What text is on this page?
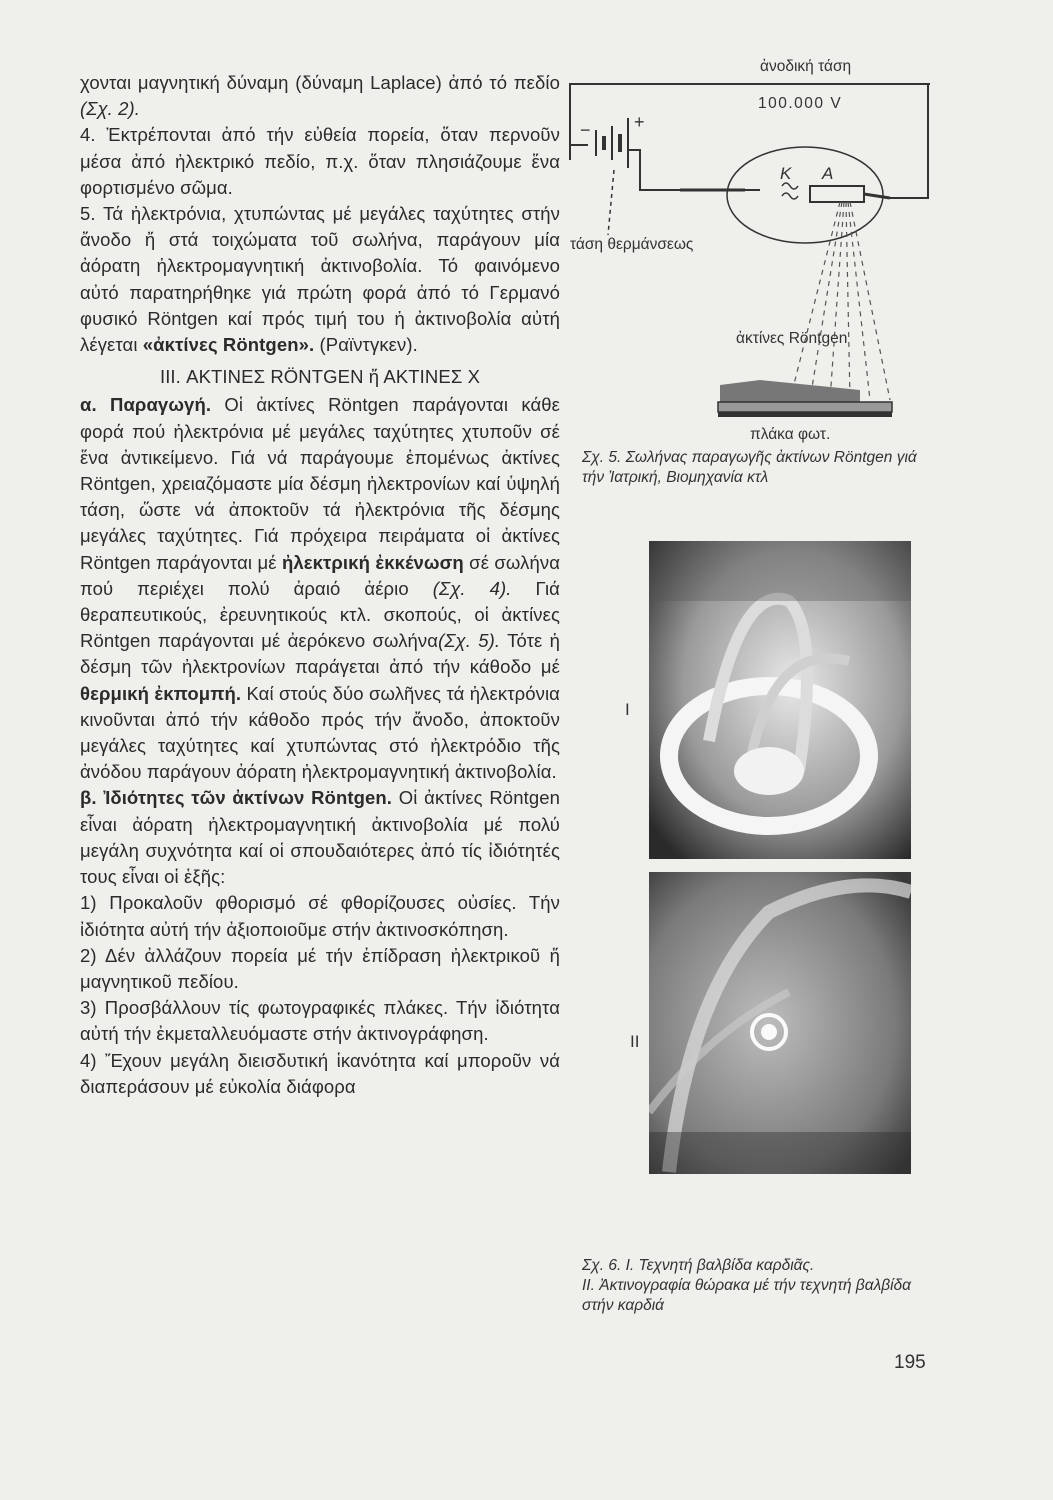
χονται μαγνητική δύναμη (δύναμη Laplace) ἀπό τό πεδίο (Σχ. 2).

4. Ἐκτρέπονται ἀπό τήν εὐθεία πορεία, ὅταν περνοῦν μέσα ἀπό ἠλεκτρικό πεδίο, π.χ. ὅταν πλησιάζουμε ἕνα φορτισμένο σῶμα.

5. Τά ἠλεκτρόνια, χτυπώντας μέ μεγάλες ταχύτητες στήν ἄνοδο ἤ στά τοιχώματα τοῦ σωλήνα, παράγουν μία ἀόρατη ἠλεκτρομαγνητική ἀκτινοβολία. Τό φαινόμενο αὐτό παρατηρήθηκε γιά πρώτη φορά ἀπό τό Γερμανό φυσικό Röntgen καί πρός τιμή του ἡ ἀκτινοβολία αὐτή λέγεται «ἀκτίνες Röntgen». (Ραϊντγκεν).

III. ΑΚΤΙΝΕΣ RÖNTGEN ἤ ΑΚΤΙΝΕΣ Χ

α. Παραγωγή. Οἱ ἀκτίνες Röntgen παράγονται κάθε φορά πού ἠλεκτρόνια μέ μεγάλες ταχύτητες χτυποῦν σέ ἕνα ἀντικείμενο. Γιά νά παράγουμε ἑπομένως ἀκτίνες Röntgen, χρειαζόμαστε μία δέσμη ἠλεκτρονίων καί ὑψηλή τάση, ὥστε νά ἀποκτοῦν τά ἠλεκτρόνια τῆς δέσμης μεγάλες ταχύτητες. Γιά πρόχειρα πειράματα οἱ ἀκτίνες Röntgen παράγονται μέ ἠλεκτρική ἐκκένωση σέ σωλήνα πού περιέχει πολύ ἀραιό ἀέριο (Σχ. 4). Γιά θεραπευτικούς, ἐρευνητικούς κτλ. σκοπούς, οἱ ἀκτίνες Röntgen παράγονται μέ ἀερόκενο σωλήνα(Σχ. 5). Τότε ἡ δέσμη τῶν ἠλεκτρονίων παράγεται ἀπό τήν κάθοδο μέ θερμική ἐκπομπή. Καί στούς δύο σωλῆνες τά ἠλεκτρόνια κινοῦνται ἀπό τήν κάθοδο πρός τήν ἄνοδο, ἀποκτοῦν μεγάλες ταχύτητες καί χτυπώντας στό ἠλεκτρόδιο τῆς ἀνόδου παράγουν ἀόρατη ἠλεκτρομαγνητική ἀκτινοβολία.

β. Ἰδιότητες τῶν ἀκτίνων Röntgen. Οἱ ἀκτίνες Röntgen εἶναι ἀόρατη ἠλεκτρομαγνητική ἀκτινοβολία μέ πολύ μεγάλη συχνότητα καί οἱ σπουδαιότερες ἀπό τίς ἰδιότητές τους εἶναι οἱ ἑξῆς:

1) Προκαλοῦν φθορισμό σέ φθορίζουσες οὐσίες. Τήν ἰδιότητα αὐτή τήν ἀξιοποιοῦμε στήν ἀκτινοσκόπηση.

2) Δέν ἀλλάζουν πορεία μέ τήν ἐπίδραση ἠλεκτρικοῦ ἤ μαγνητικοῦ πεδίου.

3) Προσβάλλουν τίς φωτογραφικές πλάκες. Τήν ἰδιότητα αὐτή τήν ἐκμεταλλευόμαστε στήν ἀκτινογράφηση.

4) Ἔχουν μεγάλη διεισδυτική ἱκανότητα καί μποροῦν νά διαπεράσουν μέ εὐκολία διάφορα

ἀνοδική τάση
100.000 V
− +
K A
τάση θερμάνσεως
ἀκτίνες Röntgen
πλάκα φωτ.
Σχ. 5. Σωλήνας παραγωγῆς ἀκτίνων Röntgen γιά τήν Ἰατρική, Βιομηχανία κτλ
I
II
Σχ. 6. Ι. Τεχνητή βαλβίδα καρδιᾶς.
ΙΙ. Ἀκτινογραφία θώρακα μέ τήν τεχνητή βαλβίδα στήν καρδιά
195
